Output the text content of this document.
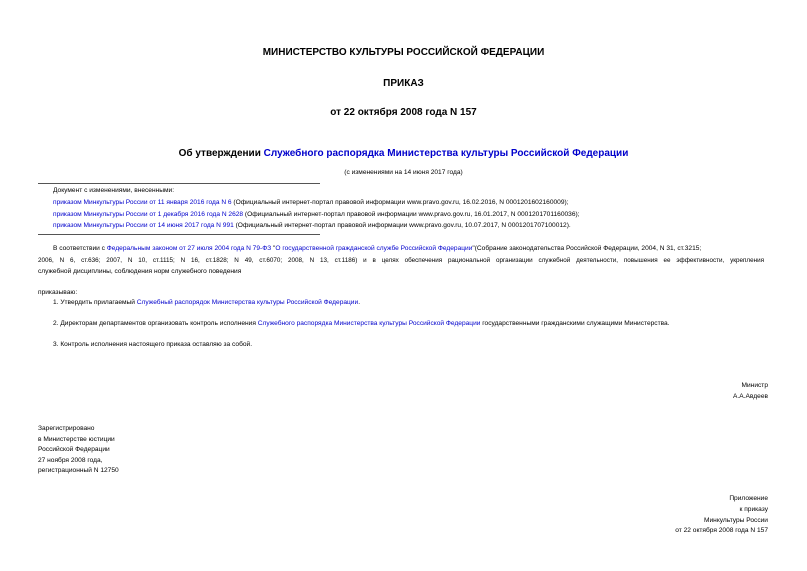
МИНИСТЕРСТВО КУЛЬТУРЫ РОССИЙСКОЙ ФЕДЕРАЦИИ
ПРИКАЗ
от 22 октября 2008 года N 157
Об утверждении Служебного распорядка Министерства культуры Российской Федерации
(с изменениями на 14 июня 2017 года)
Документ с изменениями, внесенными:
приказом Минкультуры России от 11 января 2016 года N 6 (Официальный интернет-портал правовой информации www.pravo.gov.ru, 16.02.2016, N 0001201602160009);
приказом Минкультуры России от 1 декабря 2016 года N 2628 (Официальный интернет-портал правовой информации www.pravo.gov.ru, 16.01.2017, N 0001201701160036);
приказом Минкультуры России от 14 июня 2017 года N 991 (Официальный интернет-портал правовой информации www.pravo.gov.ru, 10.07.2017, N 0001201707100012).
В соответствии с Федеральным законом от 27 июля 2004 года N 79-ФЗ "О государственной гражданской службе Российской Федерации"(Собрание законодательства Российской Федерации, 2004, N 31, ст.3215;
2006, N 6, ст.636; 2007, N 10, ст.1115; N 16, ст.1828; N 49, ст.6070; 2008, N 13, ст.1186) и в целях обеспечения рациональной организации служебной деятельности, повышения ее эффективности, укрепления
служебной дисциплины, соблюдения норм служебного поведения
приказываю:
1. Утвердить прилагаемый Служебный распорядок Министерства культуры Российской Федерации.
2. Директорам департаментов организовать контроль исполнения Служебного распорядка Министерства культуры Российской Федерации государственными гражданскими служащими Министерства.
3. Контроль исполнения настоящего приказа оставляю за собой.
Министр
А.А.Авдеев
Зарегистрировано
в Министерстве юстиции
Российской Федерации
27 ноября 2008 года,
регистрационный N 12750
Приложение
к приказу
Минкультуры России
от 22 октября 2008 года N 157
